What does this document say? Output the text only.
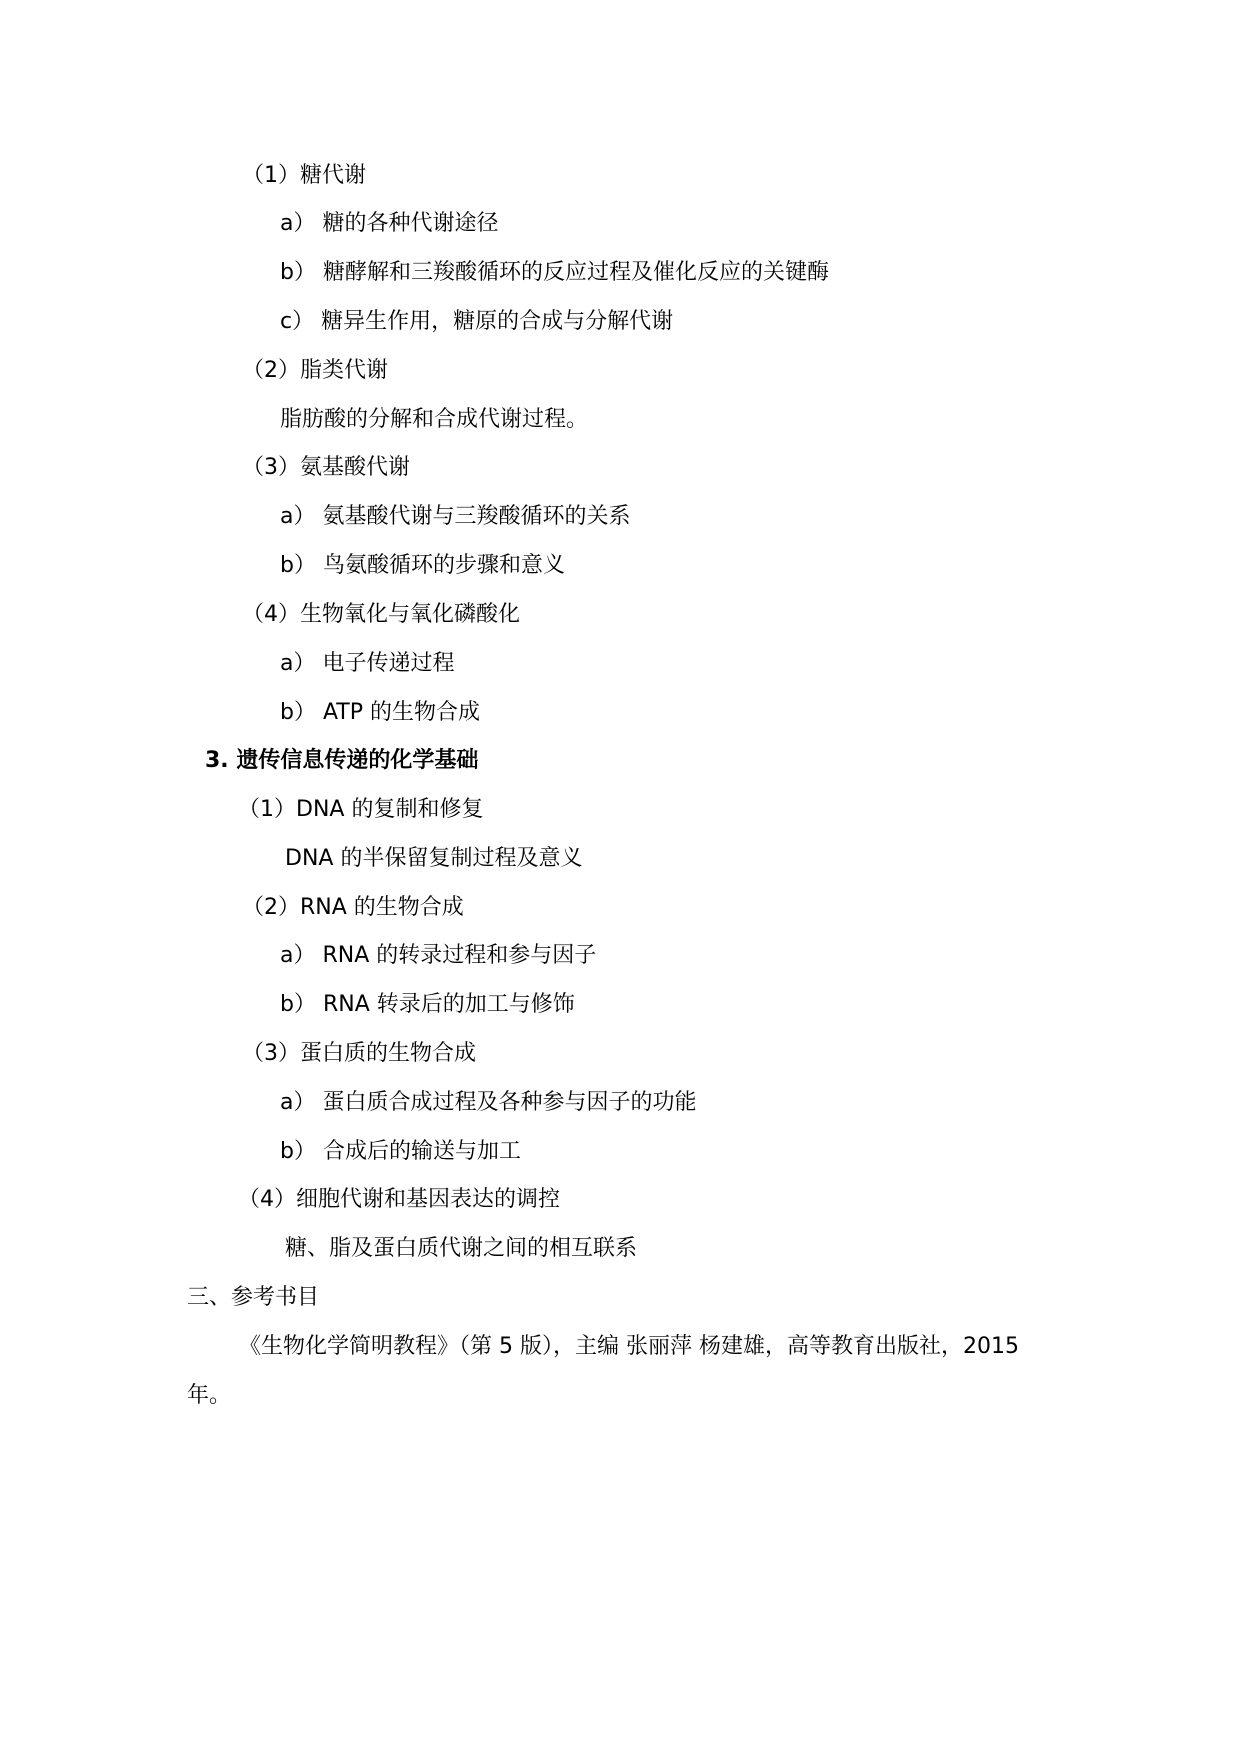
（1）糖代谢
a） 糖的各种代谢途径
b） 糖酵解和三羧酸循环的反应过程及催化反应的关键酶
c） 糖异生作用，糖原的合成与分解代谢
（2）脂类代谢
脂肪酸的分解和合成代谢过程。
（3）氨基酸代谢
a） 氨基酸代谢与三羧酸循环的关系
b） 鸟氨酸循环的步骤和意义
（4）生物氧化与氧化磷酸化
a） 电子传递过程
b） ATP 的生物合成
3. 遗传信息传递的化学基础
（1）DNA 的复制和修复
DNA 的半保留复制过程及意义
（2）RNA 的生物合成
a） RNA 的转录过程和参与因子
b） RNA 转录后的加工与修饰
（3）蛋白质的生物合成
a） 蛋白质合成过程及各种参与因子的功能
b） 合成后的输送与加工
（4）细胞代谢和基因表达的调控
糖、脂及蛋白质代谢之间的相互联系
三、参考书目
《生物化学简明教程》（第 5 版），主编 张丽萍 杨建雄，高等教育出版社，2015 年。
